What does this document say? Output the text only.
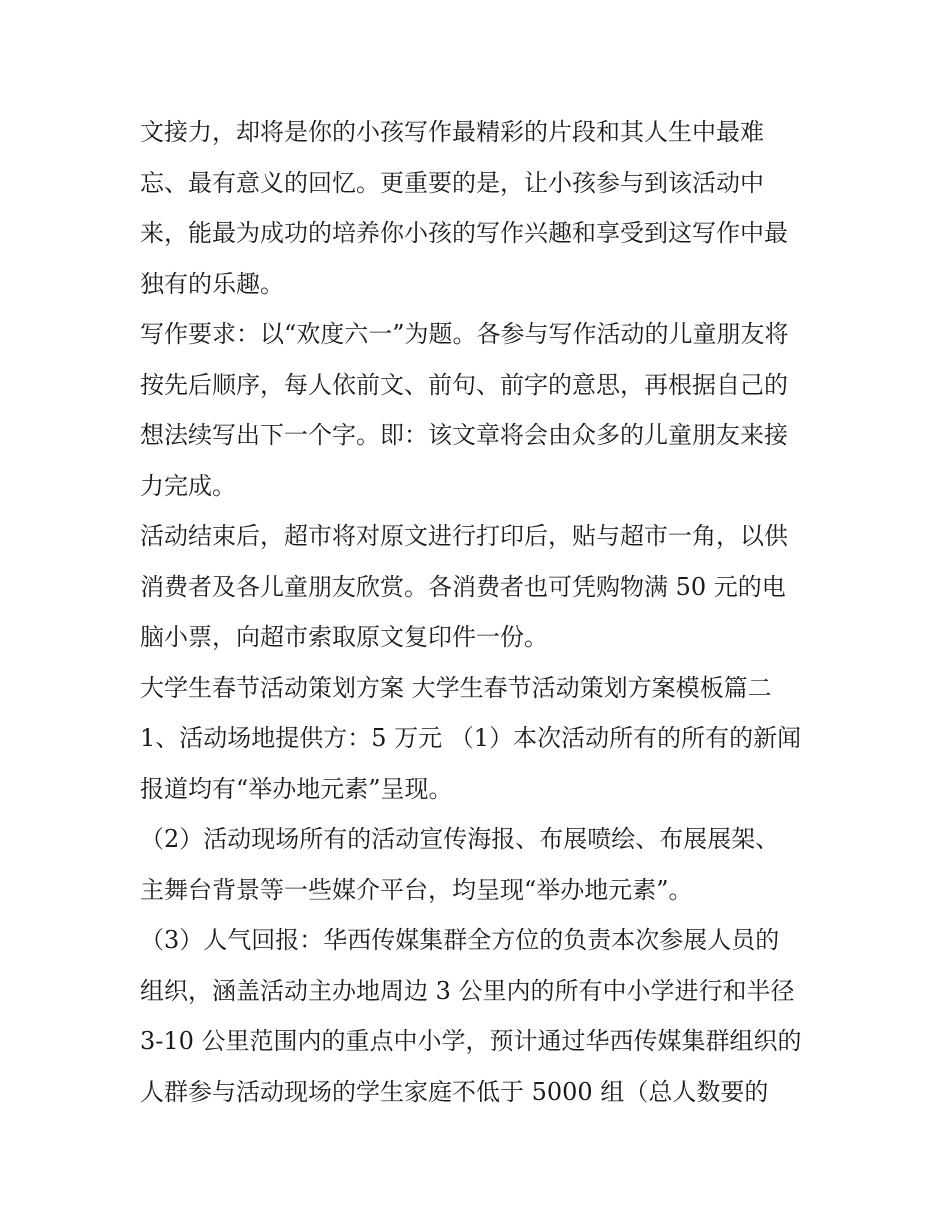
文接力，却将是你的小孩写作最精彩的片段和其人生中最难
忘、最有意义的回忆。更重要的是，让小孩参与到该活动中
来，能最为成功的培养你小孩的写作兴趣和享受到这写作中最
独有的乐趣。
写作要求：以“欢度六一”为题。各参与写作活动的儿童朋友将
按先后顺序，每人依前文、前句、前字的意思，再根据自己的
想法续写出下一个字。即：该文章将会由众多的儿童朋友来接
力完成。
活动结束后，超市将对原文进行打印后，贴与超市一角，以供
消费者及各儿童朋友欣赏。各消费者也可凭购物满 50 元的电
脑小票，向超市索取原文复印件一份。
大学生春节活动策划方案 大学生春节活动策划方案模板篇二
1、活动场地提供方：5 万元 （1）本次活动所有的所有的新闻
报道均有“举办地元素”呈现。
（2）活动现场所有的活动宣传海报、布展喷绘、布展展架、
主舞台背景等一些媒介平台，均呈现“举办地元素”。
（3）人气回报：华西传媒集群全方位的负责本次参展人员的
组织，涵盖活动主办地周边 3 公里内的所有中小学进行和半径
3-10 公里范围内的重点中小学，预计通过华西传媒集群组织的
人群参与活动现场的学生家庭不低于 5000 组（总人数要的
